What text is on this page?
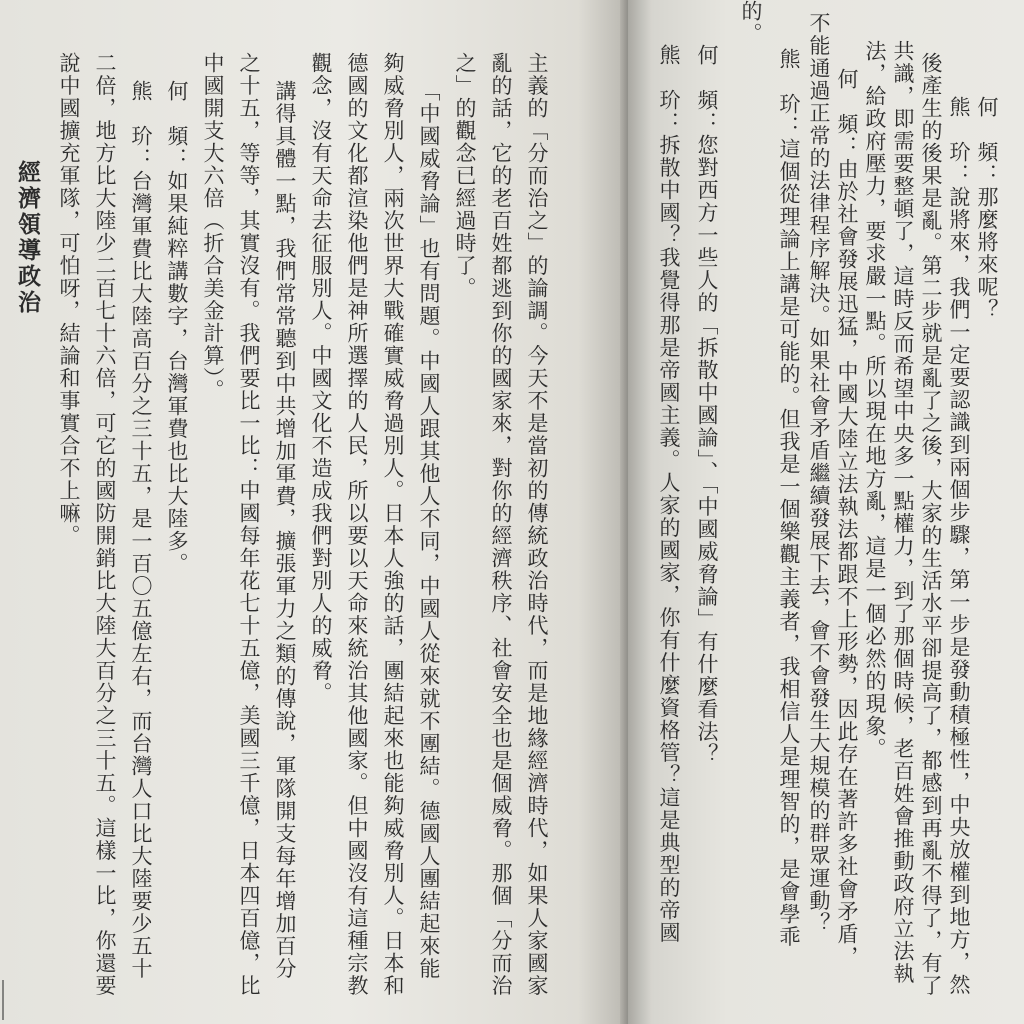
經濟領導政治	主義的「分而治之」的論調。今天不是當初的傳統政治時代，而是地緣經濟時代，如果人家國家
亂的話，它的老百姓都逃到你的國家來，對你的經濟秩序、社會安全也是個威脅。那個「分而治
之」的觀念已經過時了。
「中國威脅論」也有問題。中國人跟其他人不同，中國人從來就不團結。德國人團結起來能
夠威脅別人，兩次世界大戰確實威脅過別人。日本人強的話，團結起來也能夠威脅別人。日本和
德國的文化都渲染他們是神所選擇的人民，所以要以天命來統治其他國家。但中國沒有這種宗教
觀念，沒有天命去征服別人。中國文化不造成我們對別人的威脅。
講得具體一點，我們常常聽到中共增加軍費，擴張軍力之類的傳說，軍隊開支每年增加百分
之十五，等等，其實沒有。我們要比一比：中國每年花七十五億，美國三千億，日本四百億，比
中國開支大六倍（折合美金計算）。
何　頻：如果純粹講數字，台灣軍費也比大陸多。
熊　玠：台灣軍費比大陸高百分之三十五，是一百〇五億左右，而台灣人口比大陸要少五十
二倍，地方比大陸少二百七十六倍，可它的國防開銷比大陸大百分之三十五。這樣一比，你還要
說中國擴充軍隊，可怕呀，結論和事實合不上嘛。	何　頻：那麼將來呢？
熊　玠：說將來，我們一定要認識到兩個步驟，第一步是發動積極性，中央放權到地方，然
後產生的後果是亂。第二步就是亂了之後，大家的生活水平卻提高了，都感到再亂不得了，有了
共識，即需要整頓了，這時反而希望中央多一點權力，到了那個時候，老百姓會推動政府立法執
法，給政府壓力，要求嚴一點。所以現在地方亂，這是一個必然的現象。
何　頻：由於社會發展迅猛，中國大陸立法執法都跟不上形勢，因此存在著許多社會矛盾，
不能通過正常的法律程序解決。如果社會矛盾繼續發展下去，會不會發生大規模的群眾運動？
熊　玠：這個從理論上講是可能的。但我是一個樂觀主義者，我相信人是理智的，是會學乖
的。
何　頻：您對西方一些人的「拆散中國論」、「中國威脅論」有什麼看法？
熊　玠：拆散中國？我覺得那是帝國主義。人家的國家，你有什麼資格管？這是典型的帝國
